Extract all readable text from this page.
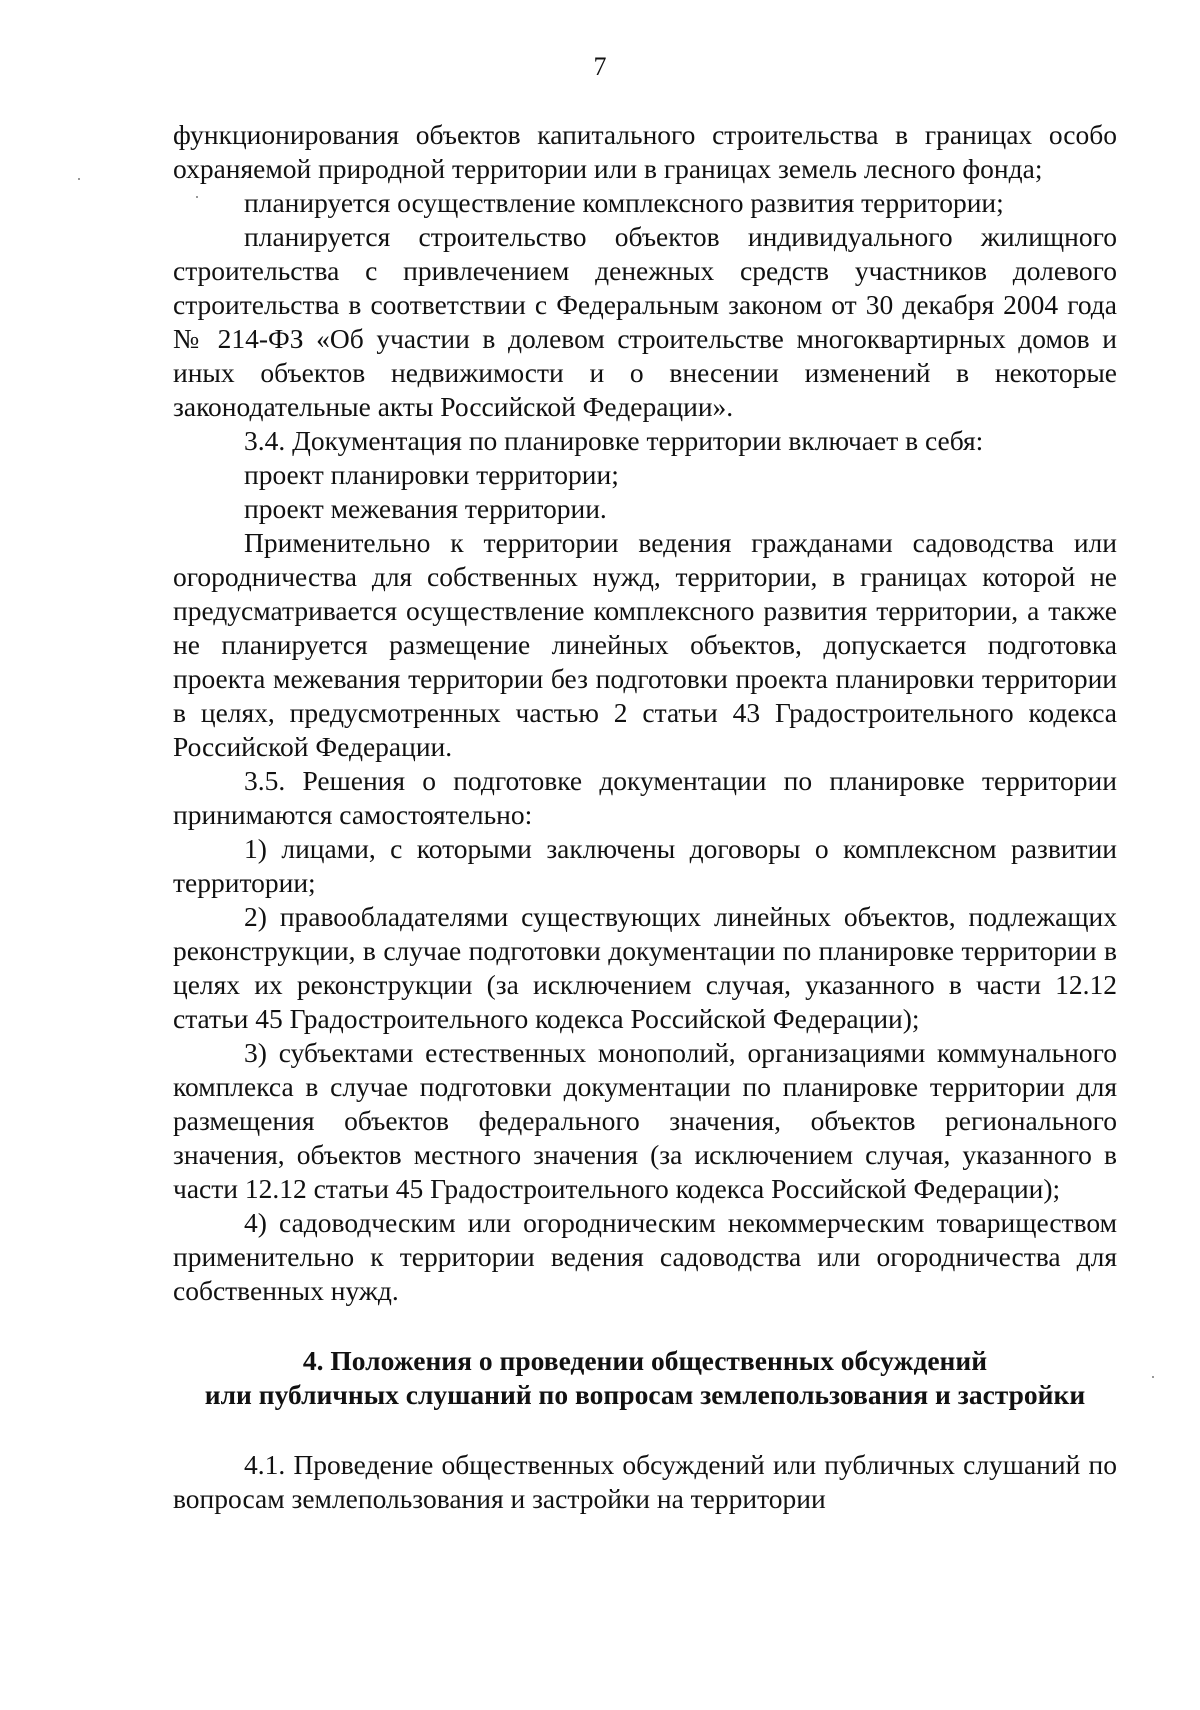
7

функционирования объектов капитального строительства в границах особо охраняемой природной территории или в границах земель лесного фонда;

планируется осуществление комплексного развития территории;

планируется строительство объектов индивидуального жилищного строительства с привлечением денежных средств участников долевого строительства в соответствии с Федеральным законом от 30 декабря 2004 года № 214-ФЗ «Об участии в долевом строительстве многоквартирных домов и иных объектов недвижимости и о внесении изменений в некоторые законодательные акты Российской Федерации».

3.4. Документация по планировке территории включает в себя:

проект планировки территории;

проект межевания территории.

Применительно к территории ведения гражданами садоводства или огородничества для собственных нужд, территории, в границах которой не предусматривается осуществление комплексного развития территории, а также не планируется размещение линейных объектов, допускается подготовка проекта межевания территории без подготовки проекта планировки территории в целях, предусмотренных частью 2 статьи 43 Градостроительного кодекса Российской Федерации.

3.5. Решения о подготовке документации по планировке территории принимаются самостоятельно:

1) лицами, с которыми заключены договоры о комплексном развитии территории;

2) правообладателями существующих линейных объектов, подлежащих реконструкции, в случае подготовки документации по планировке территории в целях их реконструкции (за исключением случая, указанного в части 12.12 статьи 45 Градостроительного кодекса Российской Федерации);

3) субъектами естественных монополий, организациями коммунального комплекса в случае подготовки документации по планировке территории для размещения объектов федерального значения, объектов регионального значения, объектов местного значения (за исключением случая, указанного в части 12.12 статьи 45 Градостроительного кодекса Российской Федерации);

4) садоводческим или огородническим некоммерческим товариществом применительно к территории ведения садоводства или огородничества для собственных нужд.

4. Положения о проведении общественных обсуждений

или публичных слушаний по вопросам землепользования и застройки

4.1. Проведение общественных обсуждений или публичных слушаний по вопросам землепользования и застройки на территории
